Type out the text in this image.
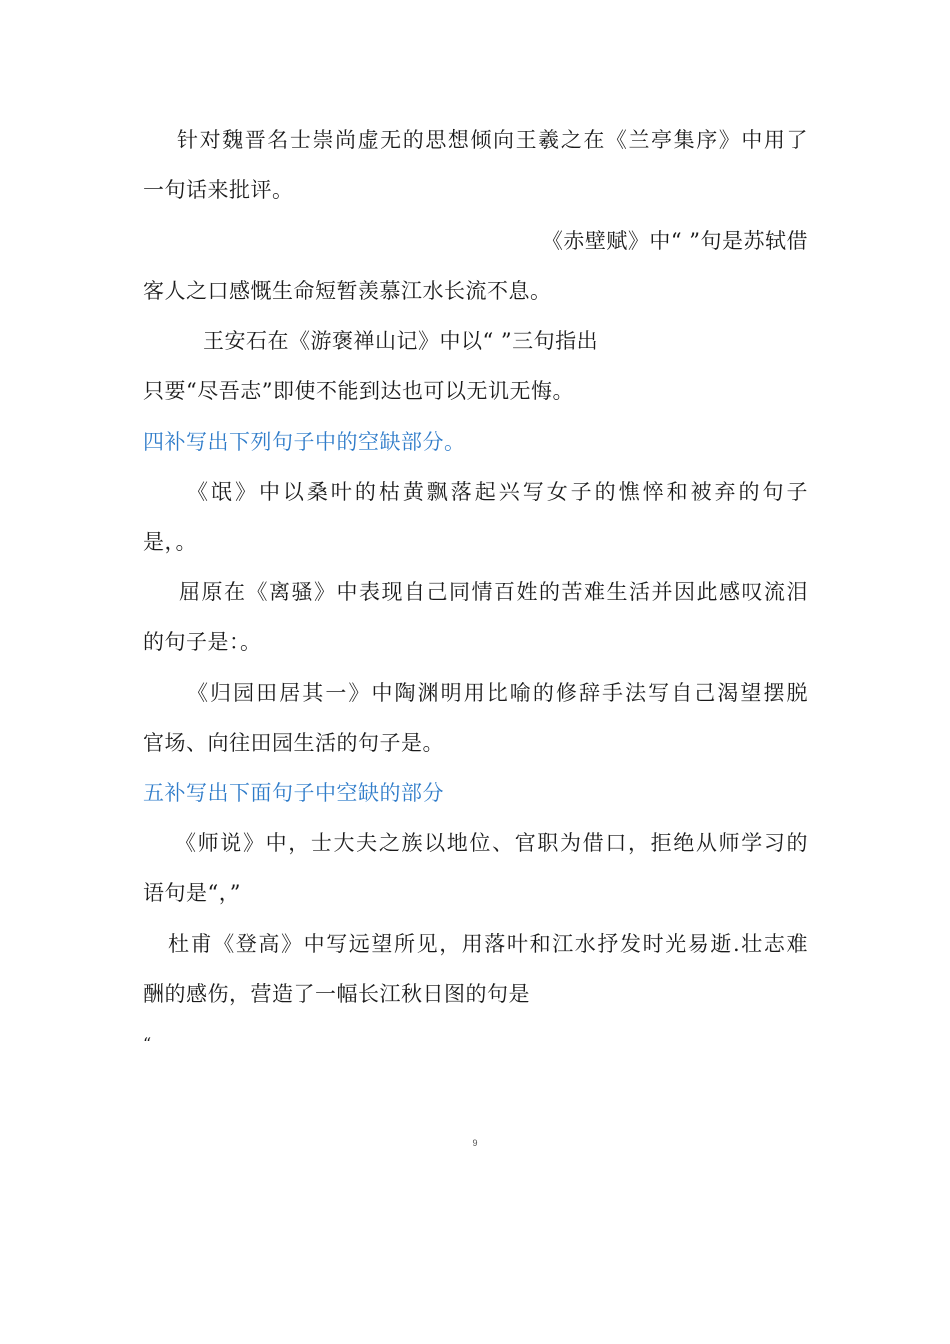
针对魏晋名士崇尚虚无的思想倾向王羲之在《兰亭集序》中用了
一句话来批评。
《赤壁赋》中“ ”句是苏轼借
客人之口感慨生命短暂羡慕江水长流不息。
王安石在《游褒禅山记》中以“ ”三句指出
只要“尽吾志”即使不能到达也可以无讥无悔。
四补写出下列句子中的空缺部分。
《氓》中以桑叶的枯黄飘落起兴写女子的憔悴和被弃的句子
是，。
屈原在《离骚》中表现自己同情百姓的苦难生活并因此感叹流泪
的句子是：。
《归园田居其一》中陶渊明用比喻的修辞手法写自己渴望摆脱
官场、向往田园生活的句子是。
五补写出下面句子中空缺的部分
《师说》中，士大夫之族以地位、官职为借口，拒绝从师学习的
语句是“，”
杜甫《登高》中写远望所见，用落叶和江水抒发时光易逝.壮志难
酬的感伤，营造了一幅长江秋日图的句是
“
9
